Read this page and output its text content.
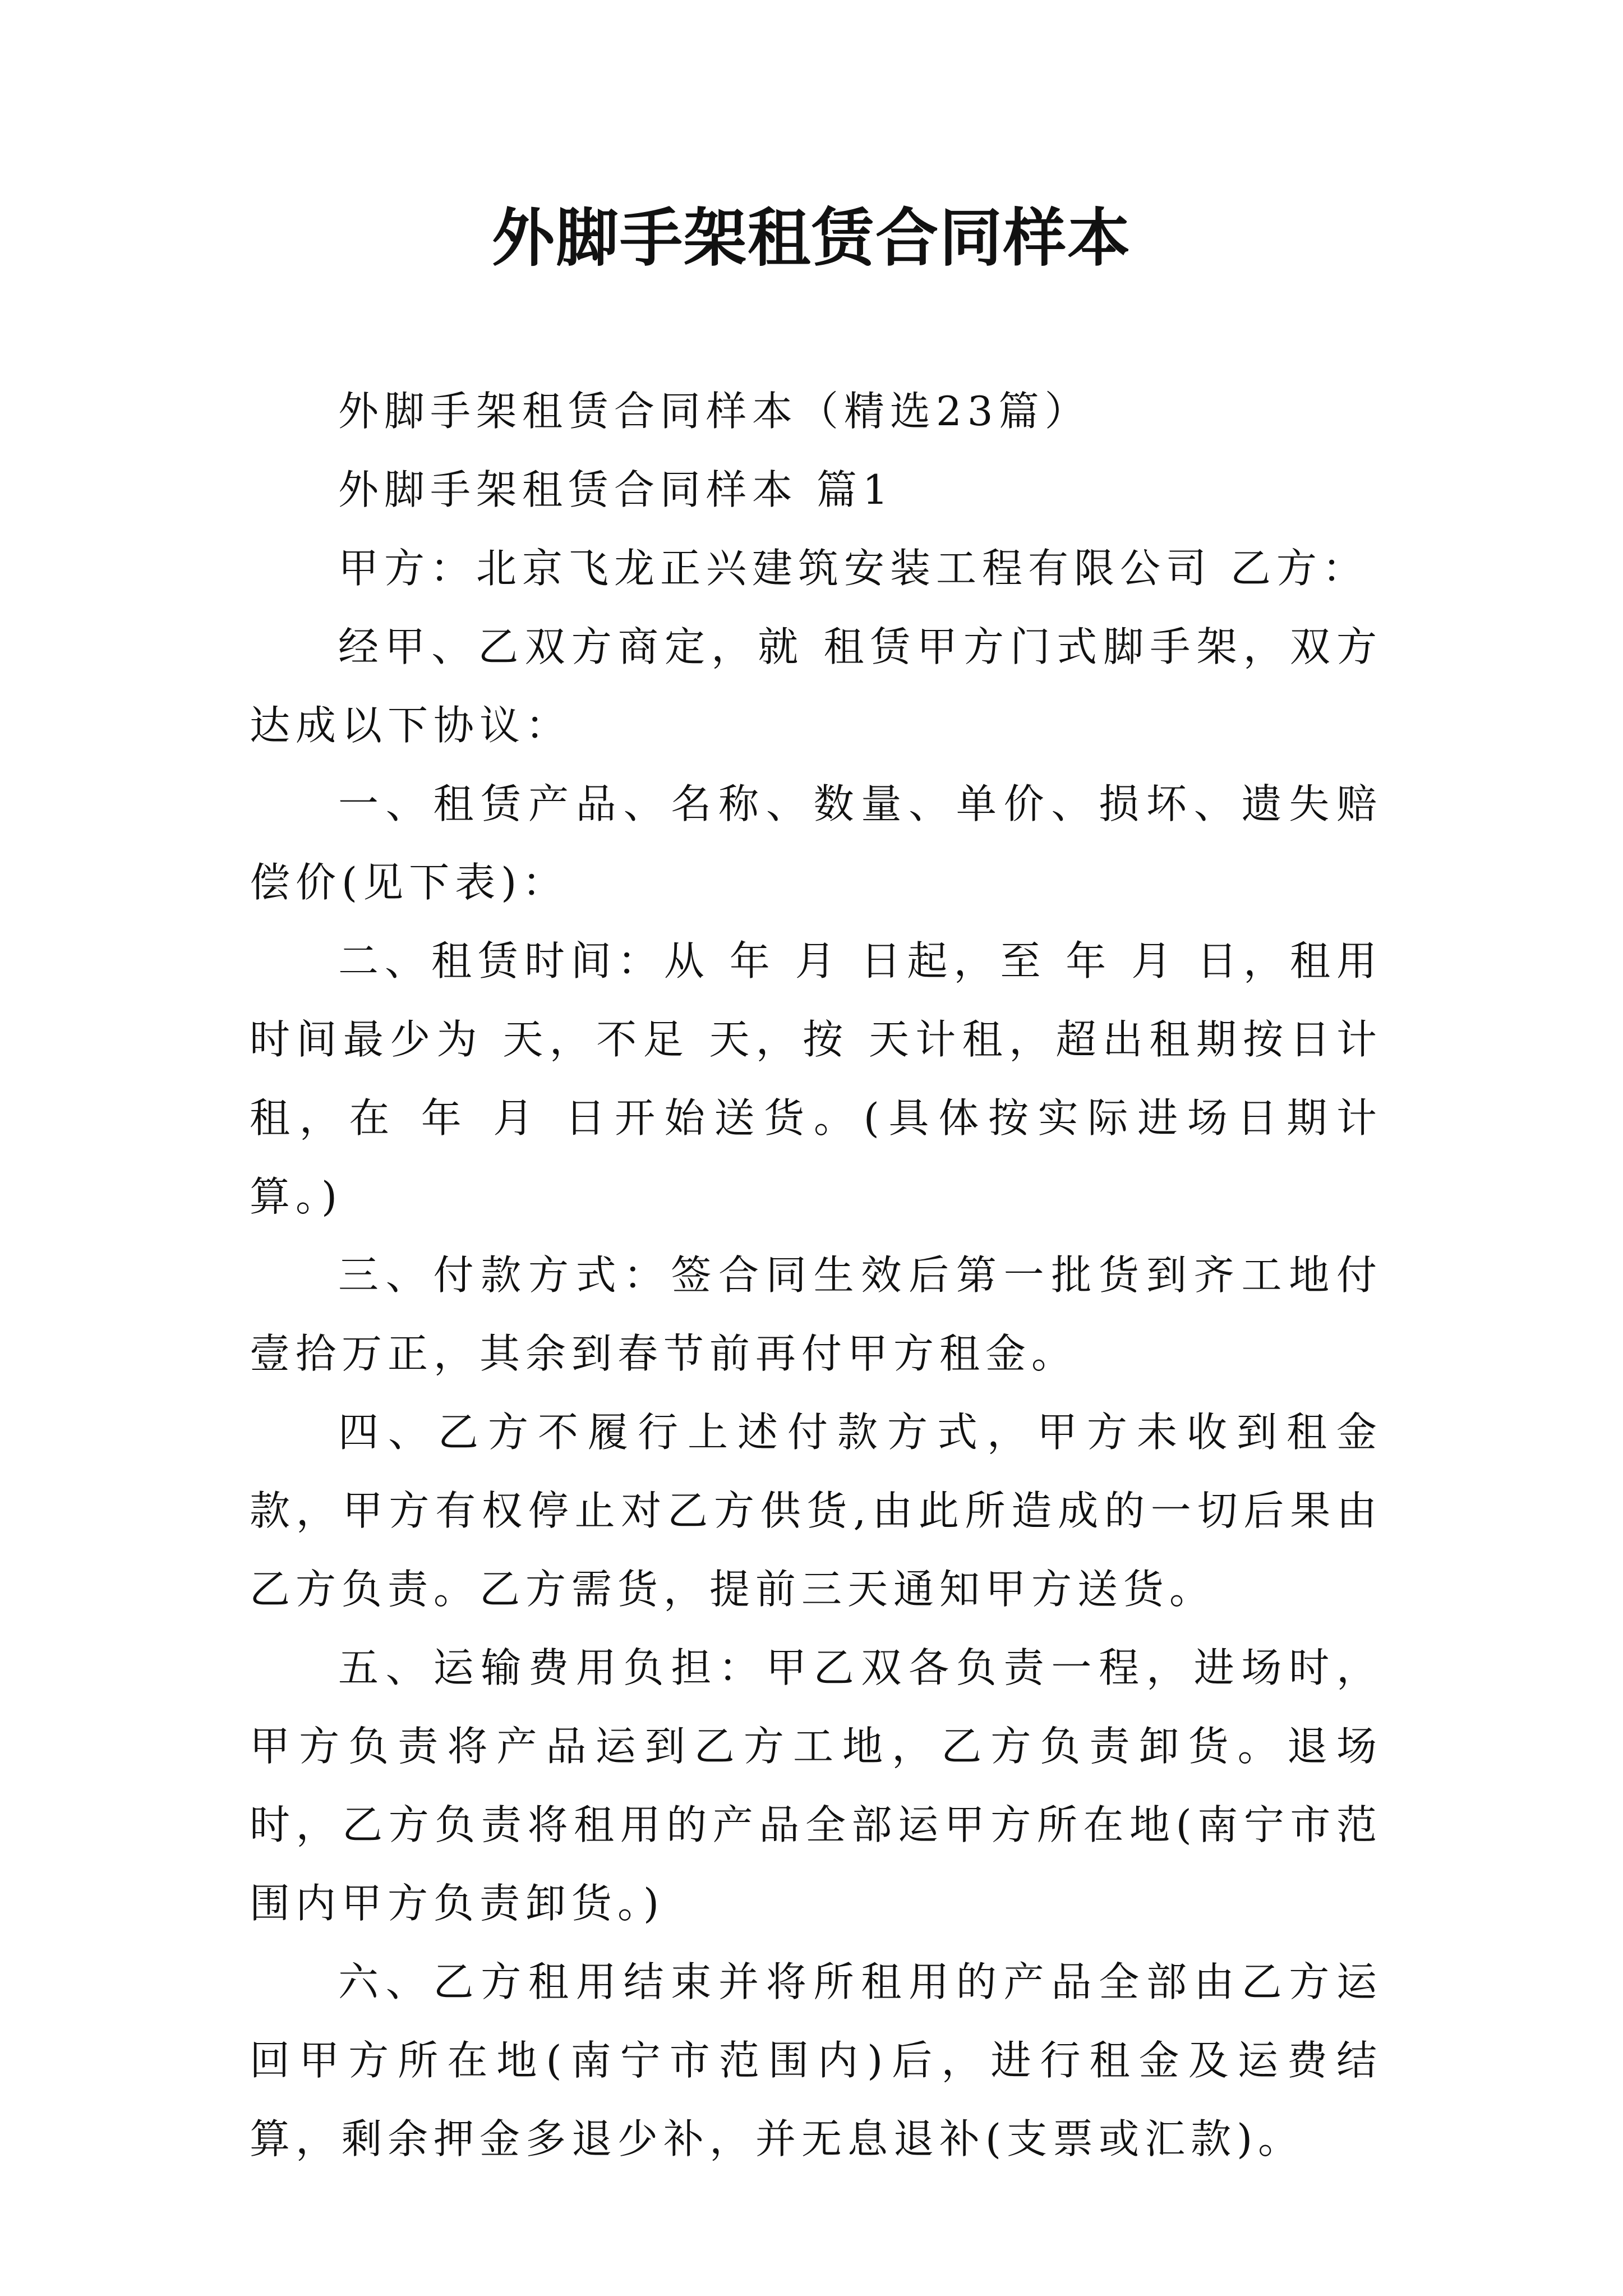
外脚手架租赁合同样本

外脚手架租赁合同样本（精选23篇）

外脚手架租赁合同样本 篇1

甲方：北京飞龙正兴建筑安装工程有限公司 乙方：

经甲、乙双方商定，就 租赁甲方门式脚手架，双方达成以下协议：

一、租赁产品、名称、数量、单价、损坏、遗失赔偿价(见下表)：

二、租赁时间：从 年 月 日起，至 年 月 日，租用时间最少为 天，不足 天，按 天计租，超出租期按日计租，在 年 月 日开始送货。(具体按实际进场日期计算。)

三、付款方式：签合同生效后第一批货到齐工地付壹拾万正，其余到春节前再付甲方租金。

四、乙方不履行上述付款方式，甲方未收到租金款，甲方有权停止对乙方供货,由此所造成的一切后果由乙方负责。乙方需货，提前三天通知甲方送货。

五、运输费用负担：甲乙双各负责一程，进场时，甲方负责将产品运到乙方工地，乙方负责卸货。退场时，乙方负责将租用的产品全部运甲方所在地(南宁市范围内甲方负责卸货。)

六、乙方租用结束并将所租用的产品全部由乙方运回甲方所在地(南宁市范围内)后，进行租金及运费结算，剩余押金多退少补，并无息退补(支票或汇款)。
